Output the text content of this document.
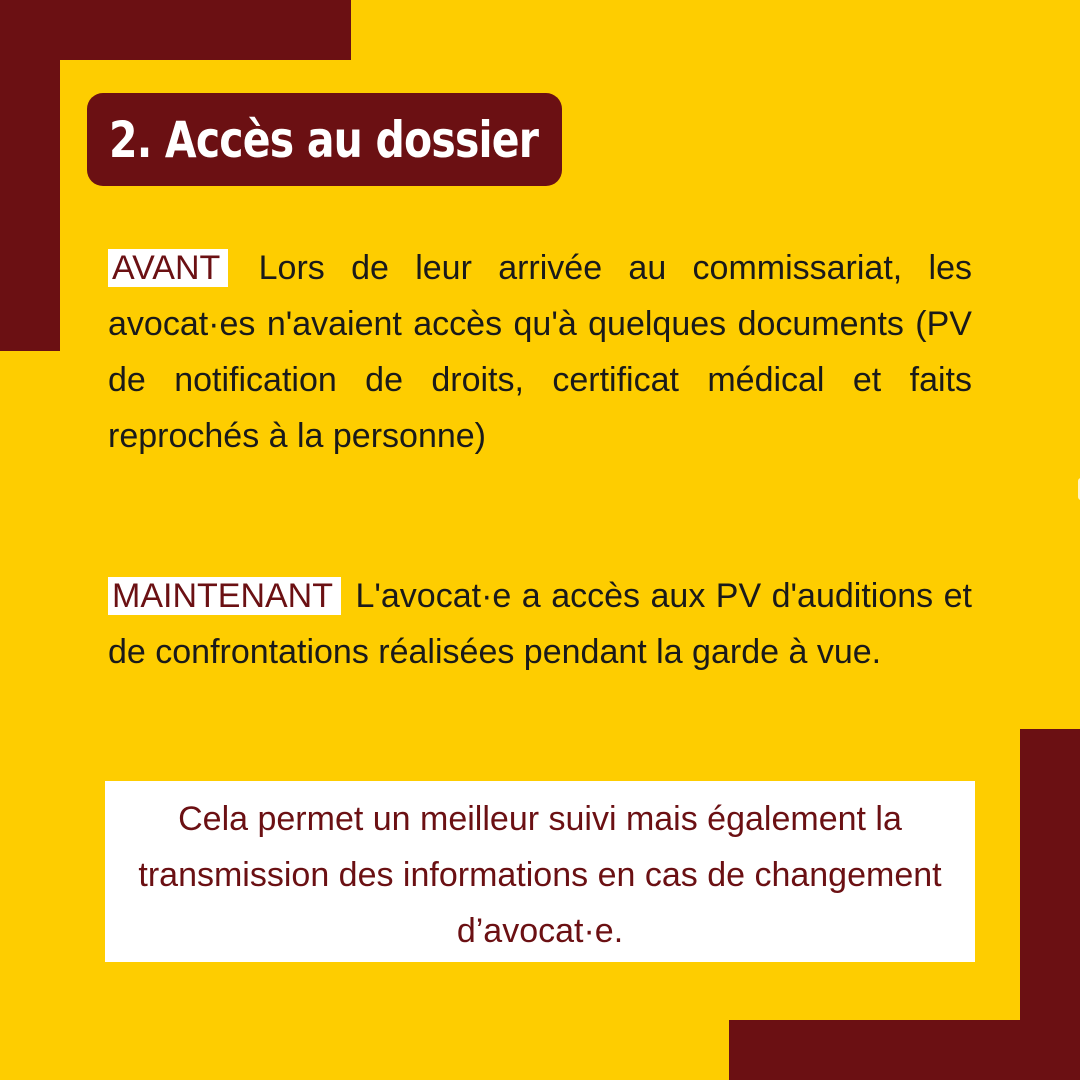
2. Accès au dossier

AVANT Lors de leur arrivée au commissariat, les avocat·es n'avaient accès qu'à quelques documents (PV de notification de droits, certificat médical et faits reprochés à la personne)

MAINTENANT L'avocat·e a accès aux PV d'auditions et de confrontations réalisées pendant la garde à vue.

Cela permet un meilleur suivi mais également la transmission des informations en cas de changement d’avocat·e.
